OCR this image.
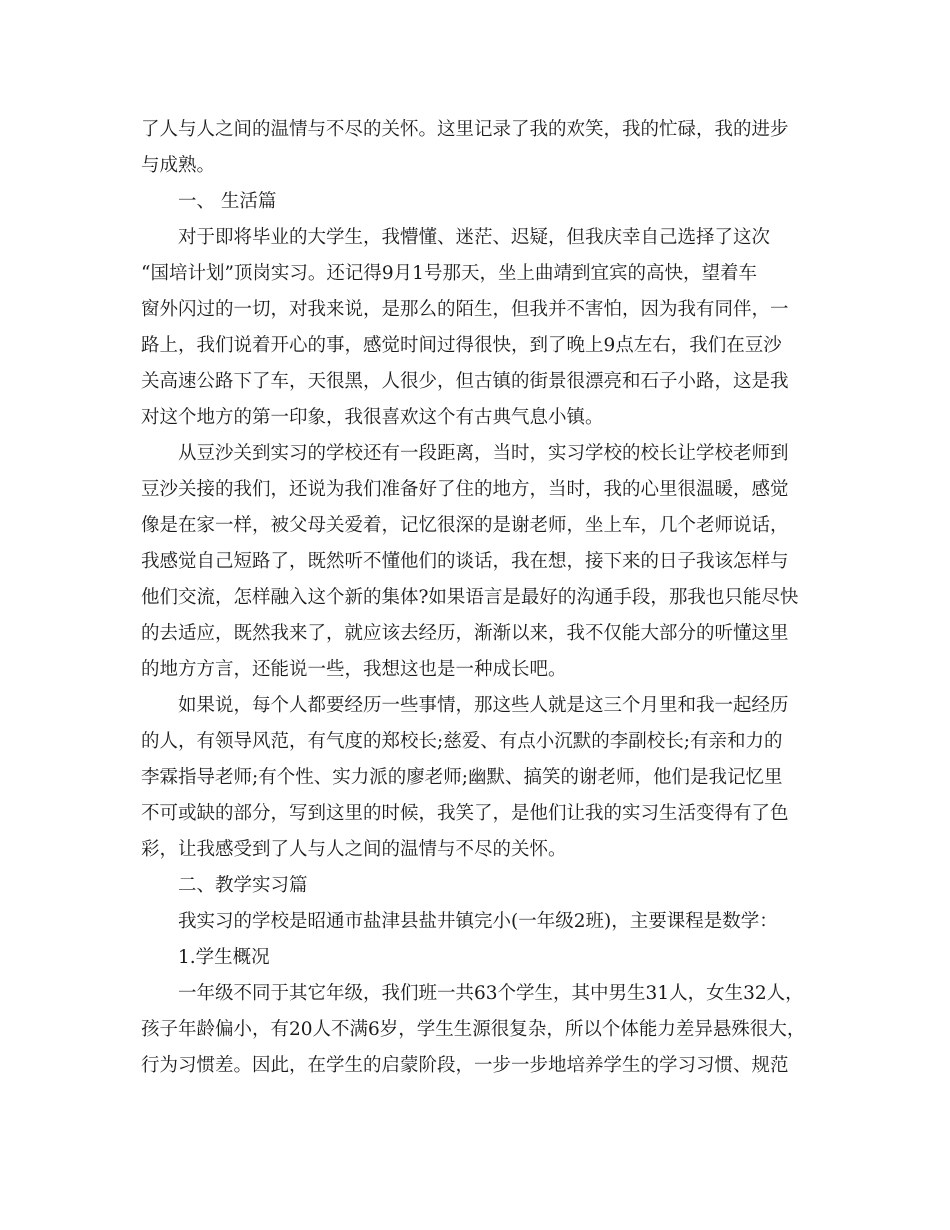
了人与人之间的温情与不尽的关怀。这里记录了我的欢笑，我的忙碌，我的进步
与成熟。
一、 生活篇
对于即将毕业的大学生，我懵懂、迷茫、迟疑，但我庆幸自己选择了这次
“国培计划”顶岗实习。还记得9月1号那天，坐上曲靖到宜宾的高快，望着车
窗外闪过的一切，对我来说，是那么的陌生，但我并不害怕，因为我有同伴，一
路上，我们说着开心的事，感觉时间过得很快，到了晚上9点左右，我们在豆沙
关高速公路下了车，天很黑，人很少，但古镇的街景很漂亮和石子小路，这是我
对这个地方的第一印象，我很喜欢这个有古典气息小镇。
从豆沙关到实习的学校还有一段距离，当时，实习学校的校长让学校老师到
豆沙关接的我们，还说为我们准备好了住的地方，当时，我的心里很温暖，感觉
像是在家一样，被父母关爱着，记忆很深的是谢老师，坐上车，几个老师说话，
我感觉自己短路了，既然听不懂他们的谈话，我在想，接下来的日子我该怎样与
他们交流，怎样融入这个新的集体?如果语言是最好的沟通手段，那我也只能尽快
的去适应，既然我来了，就应该去经历，渐渐以来，我不仅能大部分的听懂这里
的地方方言，还能说一些，我想这也是一种成长吧。
如果说，每个人都要经历一些事情，那这些人就是这三个月里和我一起经历
的人，有领导风范，有气度的郑校长;慈爱、有点小沉默的李副校长;有亲和力的
李霖指导老师;有个性、实力派的廖老师;幽默、搞笑的谢老师，他们是我记忆里
不可或缺的部分，写到这里的时候，我笑了，是他们让我的实习生活变得有了色
彩，让我感受到了人与人之间的温情与不尽的关怀。
二、教学实习篇
我实习的学校是昭通市盐津县盐井镇完小(一年级2班)，主要课程是数学：
1.学生概况
一年级不同于其它年级，我们班一共63个学生，其中男生31人，女生32人，
孩子年龄偏小，有20人不满6岁，学生生源很复杂，所以个体能力差异悬殊很大，
行为习惯差。因此，在学生的启蒙阶段，一步一步地培养学生的学习习惯、规范
